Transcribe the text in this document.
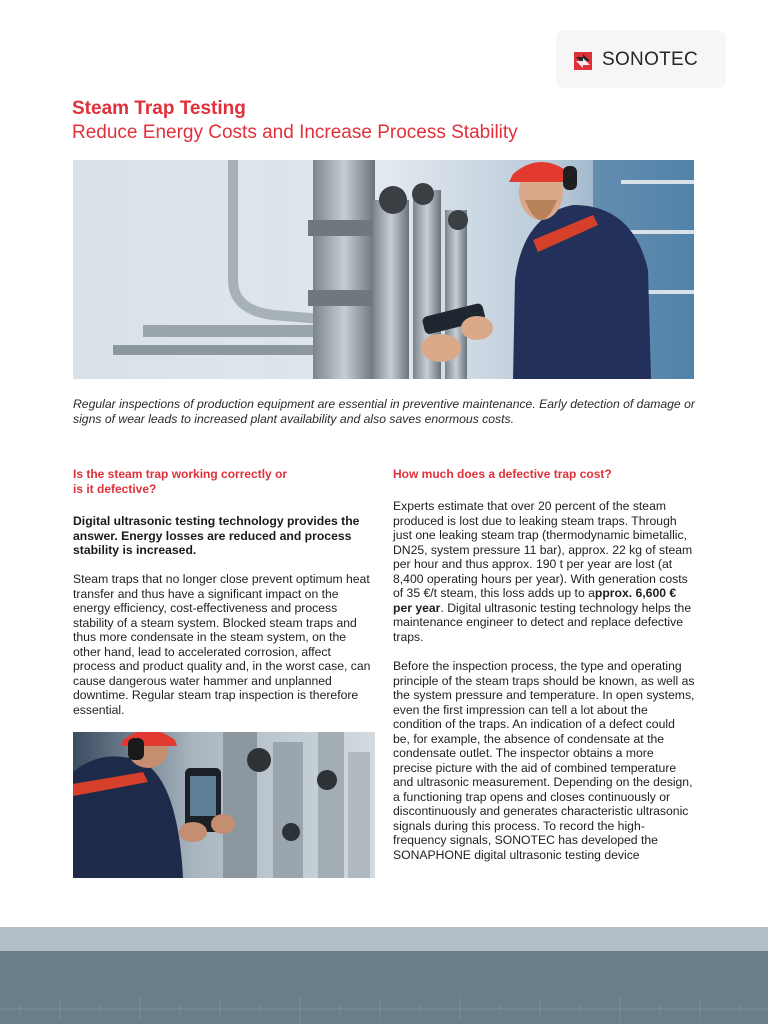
SONOTEC
Steam Trap Testing
Reduce Energy Costs and Increase Process Stability

Regular inspections of production equipment are essential in preventive maintenance. Early detection of damage or signs of wear leads to increased plant availability and also saves enormous costs.

Is the steam trap working correctly or
is it defective?

Digital ultrasonic testing technology provides the answer. Energy losses are reduced and process stability is increased.

Steam traps that no longer close prevent optimum heat transfer and thus have a significant impact on the energy efficiency, cost-effectiveness and process stability of a steam system. Blocked steam traps and thus more condensate in the steam system, on the other hand, lead to accelerated corrosion, affect process and product quality and, in the worst case, can cause dangerous water hammer and unplanned downtime. Regular steam trap inspection is therefore essential.

How much does a defective trap cost?

Experts estimate that over 20 percent of the steam produced is lost due to leaking steam traps. Through just one leaking steam trap (thermodynamic bimetallic, DN25, system pressure 11 bar), approx. 22 kg of steam per hour and thus approx. 190 t per year are lost (at 8,400 operating hours per year). With generation costs of 35 €/t steam, this loss adds up to approx. 6,600 € per year. Digital ultrasonic testing technology helps the maintenance engineer to detect and replace defective traps.

Before the inspection process, the type and operating principle of the steam traps should be known, as well as the system pressure and temperature. In open systems, even the first impression can tell a lot about the condition of the traps. An indication of a defect could be, for example, the absence of condensate at the condensate outlet. The inspector obtains a more precise picture with the aid of combined temperature and ultrasonic measurement. Depending on the design, a functioning trap opens and closes continuously or discontinuously and generates characteristic ultrasonic signals during this process. To record the high-frequency signals, SONOTEC has developed the SONAPHONE digital ultrasonic testing device
